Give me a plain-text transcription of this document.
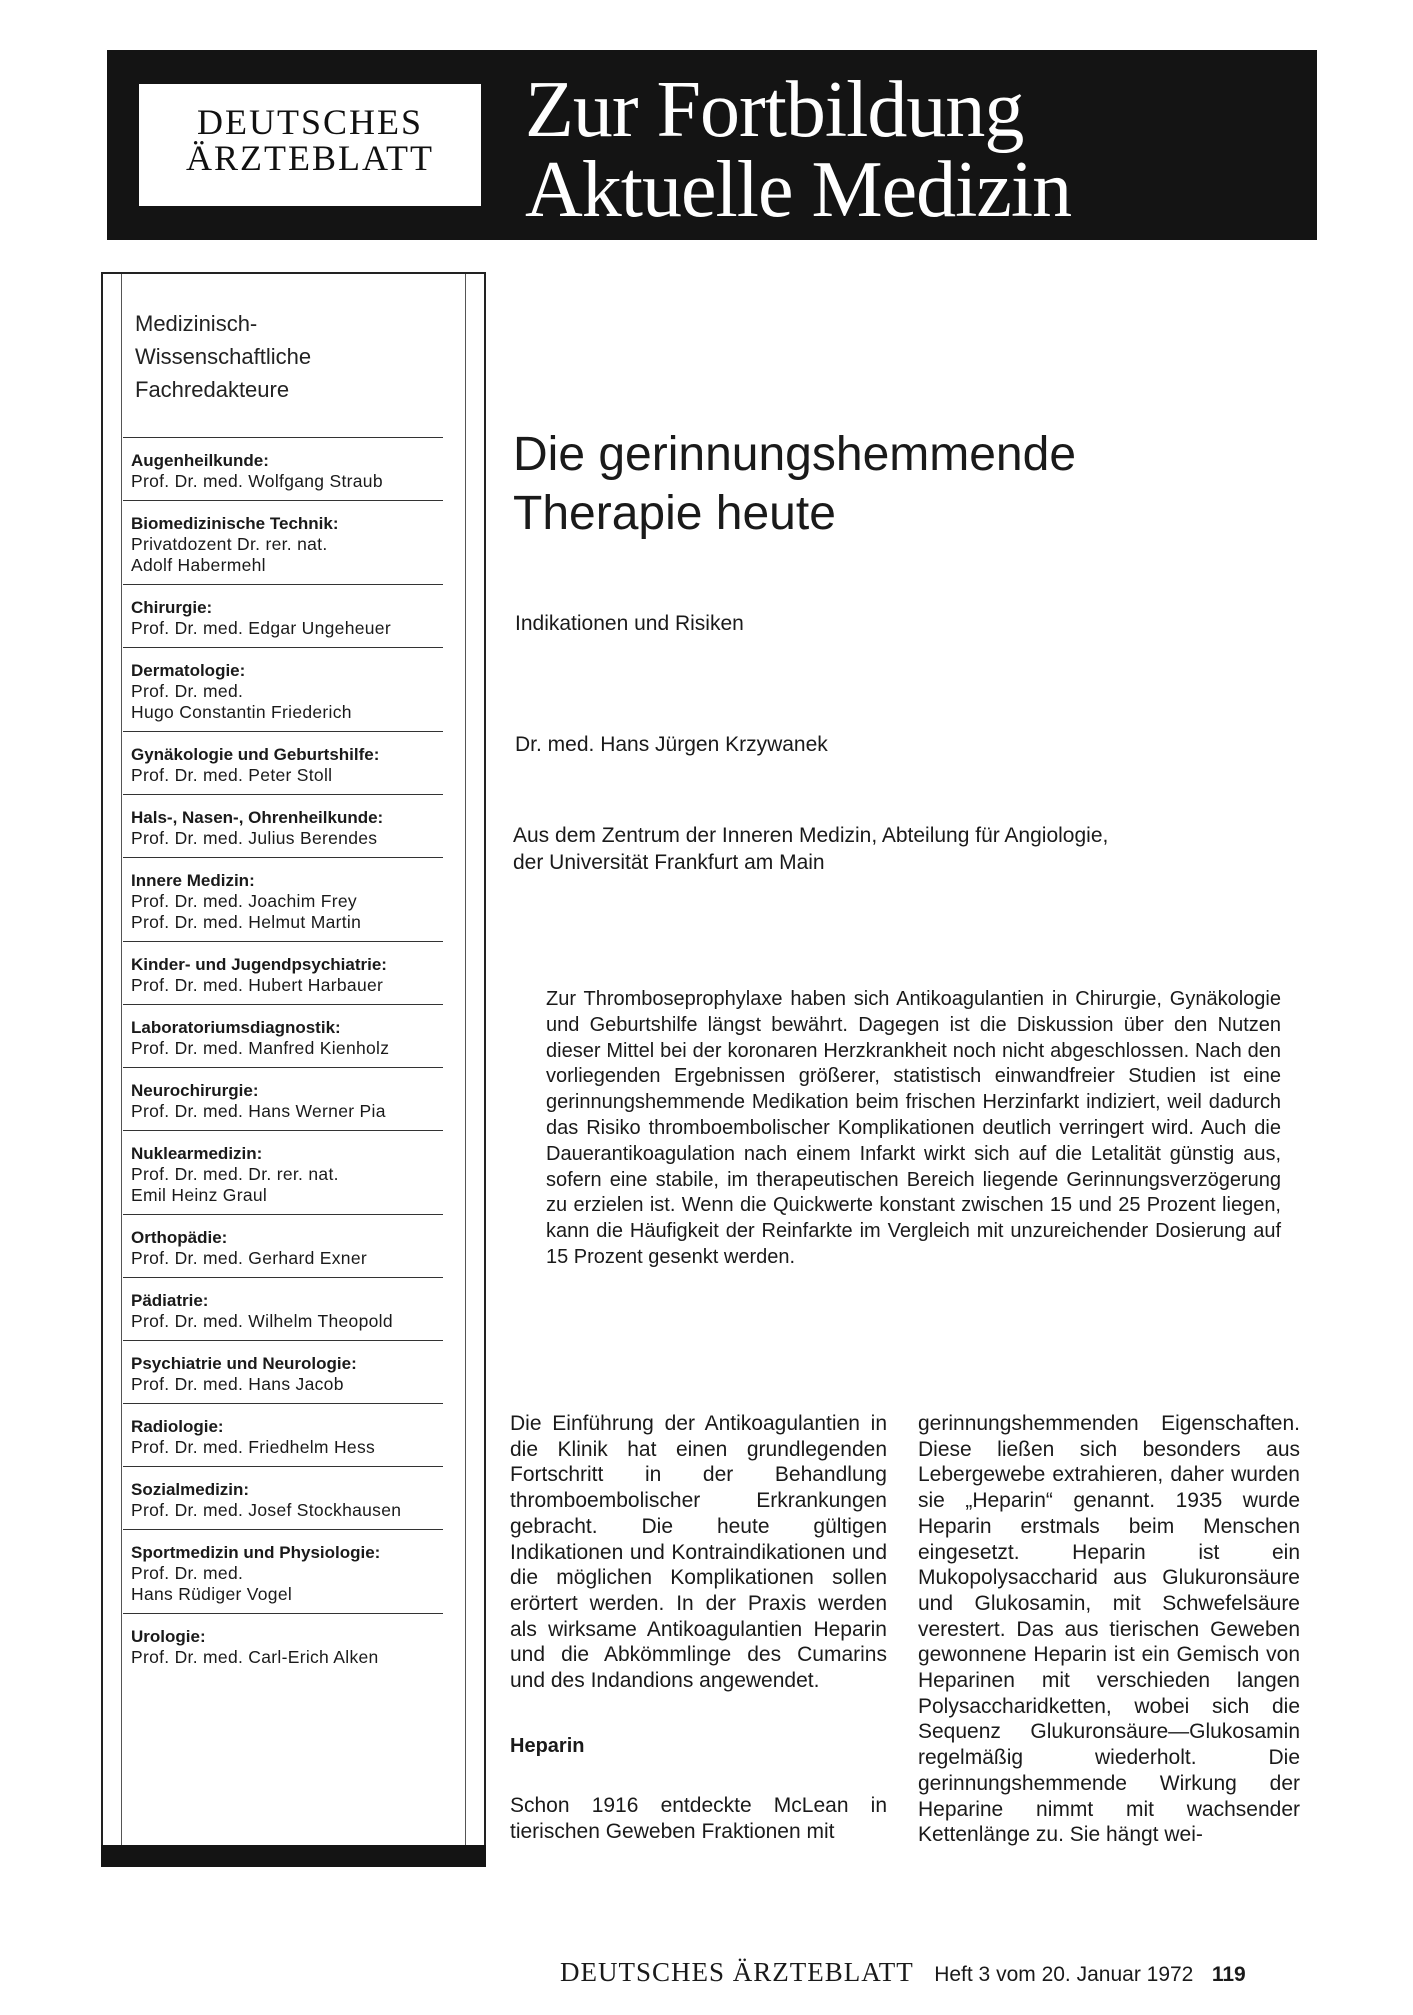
DEUTSCHES
ÄRZTEBLATT
Zur Fortbildung
Aktuelle Medizin
Medizinisch-
Wissenschaftliche
Fachredakteure
Augenheilkunde:
Prof. Dr. med. Wolfgang Straub
Biomedizinische Technik:
Privatdozent Dr. rer. nat.
Adolf Habermehl
Chirurgie:
Prof. Dr. med. Edgar Ungeheuer
Dermatologie:
Prof. Dr. med.
Hugo Constantin Friederich
Gynäkologie und Geburtshilfe:
Prof. Dr. med. Peter Stoll
Hals-, Nasen-, Ohrenheilkunde:
Prof. Dr. med. Julius Berendes
Innere Medizin:
Prof. Dr. med. Joachim Frey
Prof. Dr. med. Helmut Martin
Kinder- und Jugendpsychiatrie:
Prof. Dr. med. Hubert Harbauer
Laboratoriumsdiagnostik:
Prof. Dr. med. Manfred Kienholz
Neurochirurgie:
Prof. Dr. med. Hans Werner Pia
Nuklearmedizin:
Prof. Dr. med. Dr. rer. nat.
Emil Heinz Graul
Orthopädie:
Prof. Dr. med. Gerhard Exner
Pädiatrie:
Prof. Dr. med. Wilhelm Theopold
Psychiatrie und Neurologie:
Prof. Dr. med. Hans Jacob
Radiologie:
Prof. Dr. med. Friedhelm Hess
Sozialmedizin:
Prof. Dr. med. Josef Stockhausen
Sportmedizin und Physiologie:
Prof. Dr. med.
Hans Rüdiger Vogel
Urologie:
Prof. Dr. med. Carl-Erich Alken
Die gerinnungshemmende
Therapie heute
Indikationen und Risiken
Dr. med. Hans Jürgen Krzywanek
Aus dem Zentrum der Inneren Medizin, Abteilung für Angiologie,
der Universität Frankfurt am Main
Zur Thromboseprophylaxe haben sich Antikoagulantien in Chirurgie, Gynäkologie und Geburtshilfe längst bewährt. Dagegen ist die Diskussion über den Nutzen dieser Mittel bei der koronaren Herzkrankheit noch nicht abgeschlossen. Nach den vorliegenden Ergebnissen größerer, statistisch einwandfreier Studien ist eine gerinnungshemmende Medikation beim frischen Herzinfarkt indiziert, weil dadurch das Risiko thromboembolischer Komplikationen deutlich verringert wird. Auch die Dauerantikoagulation nach einem Infarkt wirkt sich auf die Letalität günstig aus, sofern eine stabile, im therapeutischen Bereich liegende Gerinnungsverzögerung zu erzielen ist. Wenn die Quickwerte konstant zwischen 15 und 25 Prozent liegen, kann die Häufigkeit der Reinfarkte im Vergleich mit unzureichender Dosierung auf 15 Prozent gesenkt werden.

Die Einführung der Antikoagulantien in die Klinik hat einen grundlegenden Fortschritt in der Behandlung thromboembolischer Erkrankungen gebracht. Die heute gültigen Indikationen und Kontraindikationen und die möglichen Komplikationen sollen erörtert werden. In der Praxis werden als wirksame Antikoagulantien Heparin und die Abkömmlinge des Cumarins und des Indandions angewendet.

Heparin

Schon 1916 entdeckte McLean in tierischen Geweben Fraktionen mit

gerinnungshemmenden Eigenschaften. Diese ließen sich besonders aus Lebergewebe extrahieren, daher wurden sie „Heparin“ genannt. 1935 wurde Heparin erstmals beim Menschen eingesetzt. Heparin ist ein Mukopolysaccharid aus Glukuronsäure und Glukosamin, mit Schwefelsäure verestert. Das aus tierischen Geweben gewonnene Heparin ist ein Gemisch von Heparinen mit verschieden langen Polysaccharidketten, wobei sich die Sequenz Glukuronsäure—Glukosamin regelmäßig wiederholt. Die gerinnungshemmende Wirkung der Heparine nimmt mit wachsender Kettenlänge zu. Sie hängt wei-

DEUTSCHES ÄRZTEBLATT Heft 3 vom 20. Januar 1972 119
